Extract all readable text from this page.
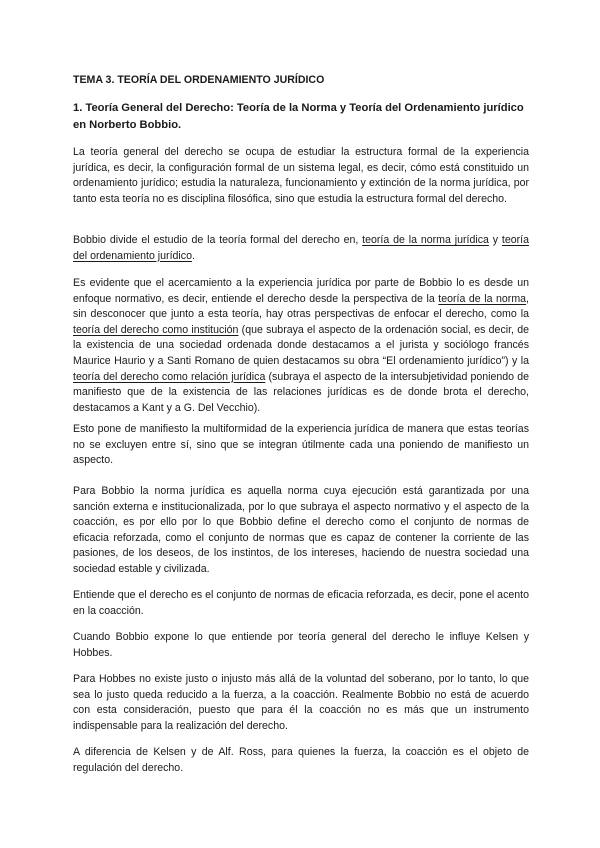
TEMA 3. TEORÍA DEL ORDENAMIENTO JURÍDICO

1. Teoría General del Derecho: Teoría de la Norma y Teoría del Ordenamiento jurídico en Norberto Bobbio.

La teoría general del derecho se ocupa de estudiar la estructura formal de la experiencia jurídica, es decir, la configuración formal de un sistema legal, es decir, cómo está constituido un ordenamiento jurídico; estudia la naturaleza, funcionamiento y extinción de la norma jurídica, por tanto esta teoría no es disciplina filosófica, sino que estudia la estructura formal del derecho.

Bobbio divide el estudio de la teoría formal del derecho en, teoría de la norma jurídica y teoría del ordenamiento jurídico.

Es evidente que el acercamiento a la experiencia jurídica por parte de Bobbio lo es desde un enfoque normativo, es decir, entiende el derecho desde la perspectiva de la teoría de la norma, sin desconocer que junto a esta teoría, hay otras perspectivas de enfocar el derecho, como la teoría del derecho como institución (que subraya el aspecto de la ordenación social, es decir, de la existencia de una sociedad ordenada donde destacamos a el jurista y sociólogo francés Maurice Haurio y a Santi Romano de quien destacamos su obra “El ordenamiento jurídico”) y la teoría del derecho como relación jurídica (subraya el aspecto de la intersubjetividad poniendo de manifiesto que de la existencia de las relaciones jurídicas es de donde brota el derecho, destacamos a Kant y a G. Del Vecchio).

Esto pone de manifiesto la multiformidad de la experiencia jurídica de manera que estas teorías no se excluyen entre sí, sino que se integran útilmente cada una poniendo de manifiesto un aspecto.

Para Bobbio la norma jurídica es aquella norma cuya ejecución está garantizada por una sanción externa e institucionalizada, por lo que subraya el aspecto normativo y el aspecto de la coacción, es por ello por lo que Bobbio define el derecho como el conjunto de normas de eficacia reforzada, como el conjunto de normas que es capaz de contener la corriente de las pasiones, de los deseos, de los instintos, de los intereses, haciendo de nuestra sociedad una sociedad estable y civilizada.

Entiende que el derecho es el conjunto de normas de eficacia reforzada, es decir, pone el acento en la coacción.

Cuando Bobbio expone lo que entiende por teoría general del derecho le influye Kelsen y Hobbes.

Para Hobbes no existe justo o injusto más allá de la voluntad del soberano, por lo tanto, lo que sea lo justo queda reducido a la fuerza, a la coacción. Realmente Bobbio no está de acuerdo con esta consideración, puesto que para él la coacción no es más que un instrumento indispensable para la realización del derecho.

A diferencia de Kelsen y de Alf. Ross, para quienes la fuerza, la coacción es el objeto de regulación del derecho.
